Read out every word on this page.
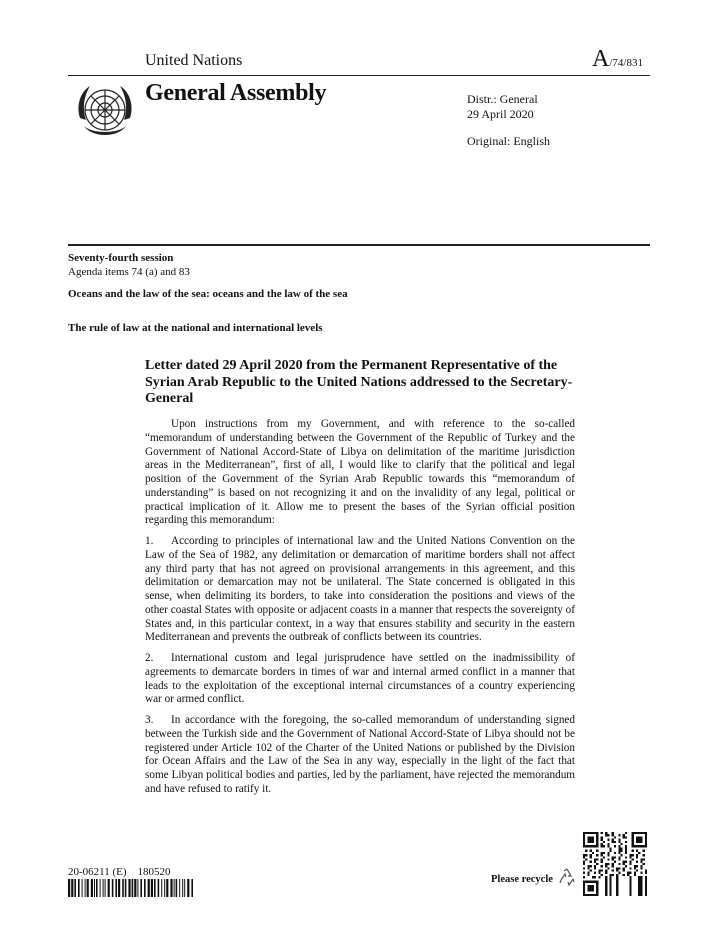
United Nations	A/74/831
General Assembly	Distr.: General
29 April 2020
Original: English
Seventy-fourth session
Agenda items 74 (a) and 83
Oceans and the law of the sea: oceans and the law of the sea
The rule of law at the national and international levels
Letter dated 29 April 2020 from the Permanent Representative of the Syrian Arab Republic to the United Nations addressed to the Secretary-General

Upon instructions from my Government, and with reference to the so-called “memorandum of understanding between the Government of the Republic of Turkey and the Government of National Accord-State of Libya on delimitation of the maritime jurisdiction areas in the Mediterranean”, first of all, I would like to clarify that the political and legal position of the Government of the Syrian Arab Republic towards this “memorandum of understanding” is based on not recognizing it and on the invalidity of any legal, political or practical implication of it. Allow me to present the bases of the Syrian official position regarding this memorandum:

1. According to principles of international law and the United Nations Convention on the Law of the Sea of 1982, any delimitation or demarcation of maritime borders shall not affect any third party that has not agreed on provisional arrangements in this agreement, and this delimitation or demarcation may not be unilateral. The State concerned is obligated in this sense, when delimiting its borders, to take into consideration the positions and views of the other coastal States with opposite or adjacent coasts in a manner that respects the sovereignty of States and, in this particular context, in a way that ensures stability and security in the eastern Mediterranean and prevents the outbreak of conflicts between its countries.

2. International custom and legal jurisprudence have settled on the inadmissibility of agreements to demarcate borders in times of war and internal armed conflict in a manner that leads to the exploitation of the exceptional internal circumstances of a country experiencing war or armed conflict.

3. In accordance with the foregoing, the so-called memorandum of understanding signed between the Turkish side and the Government of National Accord-State of Libya should not be registered under Article 102 of the Charter of the United Nations or published by the Division for Ocean Affairs and the Law of the Sea in any way, especially in the light of the fact that some Libyan political bodies and parties, led by the parliament, have rejected the memorandum and have refused to ratify it.

20-06211 (E)    180520
Please recycle
